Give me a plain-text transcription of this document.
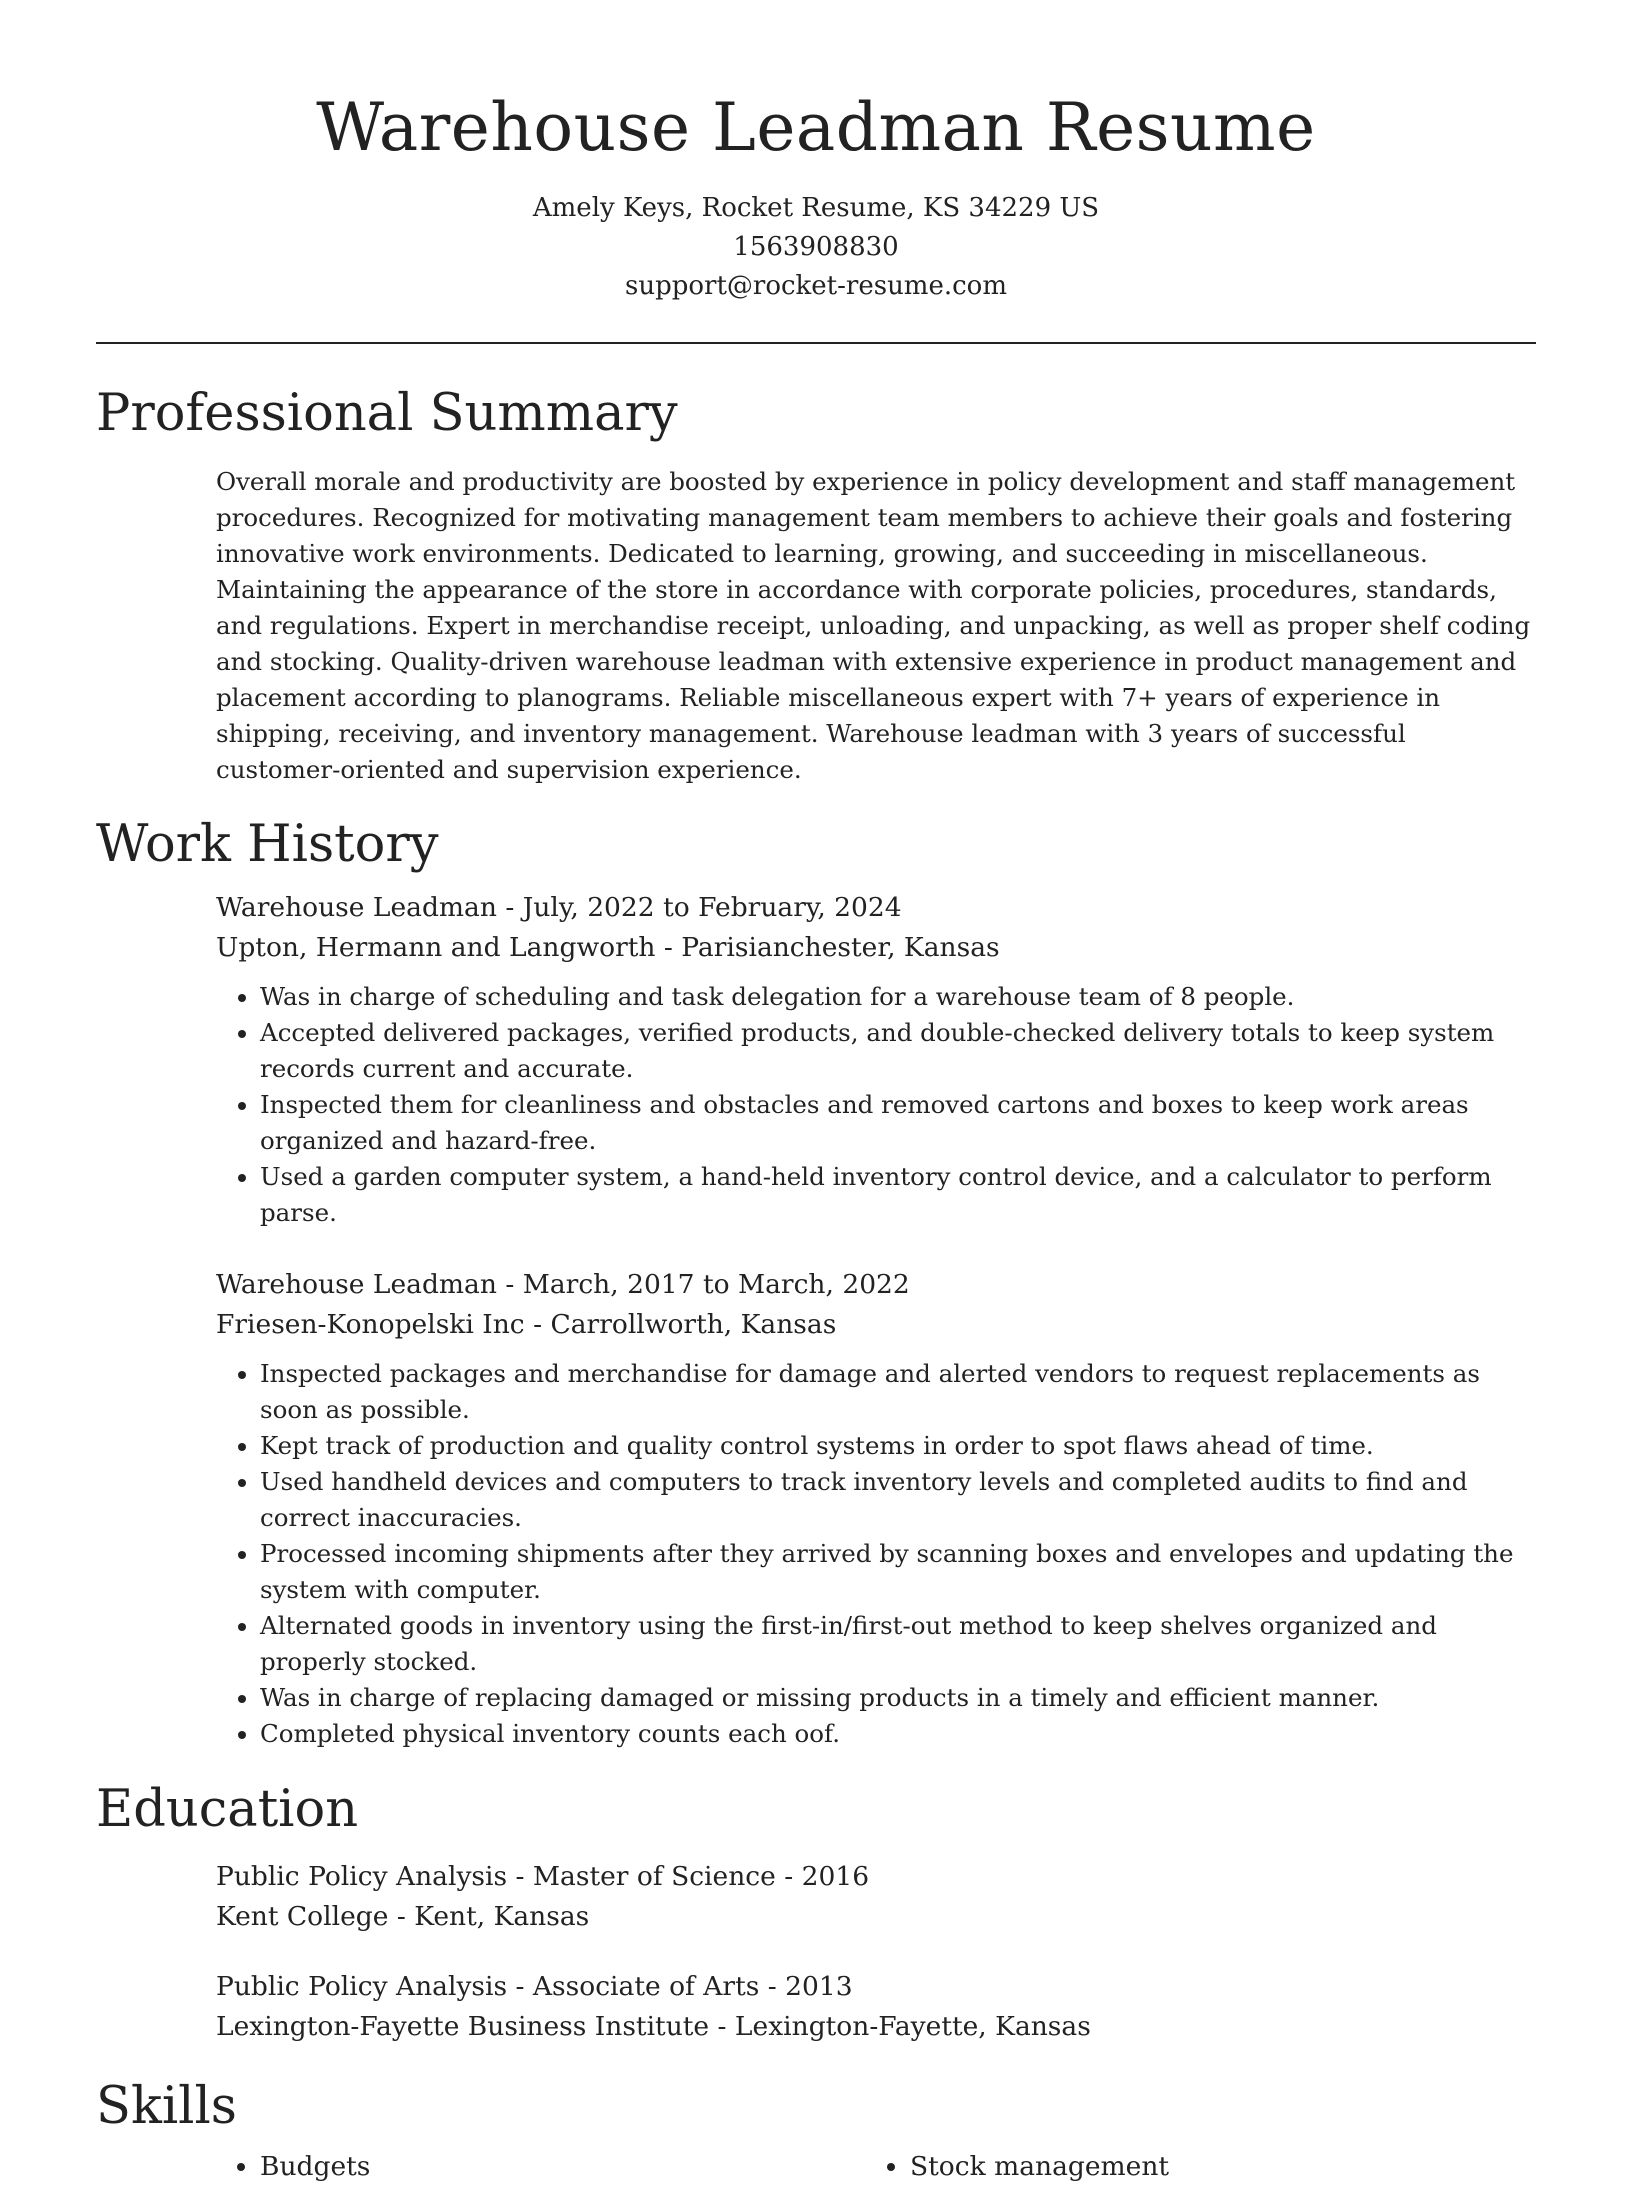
Warehouse Leadman Resume
Amely Keys, Rocket Resume, KS 34229 US
1563908830
support@rocket-resume.com
Professional Summary

Overall morale and productivity are boosted by experience in policy development and staff management procedures. Recognized for motivating management team members to achieve their goals and fostering innovative work environments. Dedicated to learning, growing, and succeeding in miscellaneous. Maintaining the appearance of the store in accordance with corporate policies, procedures, standards, and regulations. Expert in merchandise receipt, unloading, and unpacking, as well as proper shelf coding and stocking. Quality-driven warehouse leadman with extensive experience in product management and placement according to planograms. Reliable miscellaneous expert with 7+ years of experience in shipping, receiving, and inventory management. Warehouse leadman with 3 years of successful customer-oriented and supervision experience.

Work History
Warehouse Leadman - July, 2022 to February, 2024
Upton, Hermann and Langworth - Parisianchester, Kansas
• Was in charge of scheduling and task delegation for a warehouse team of 8 people.
• Accepted delivered packages, verified products, and double-checked delivery totals to keep system records current and accurate.
• Inspected them for cleanliness and obstacles and removed cartons and boxes to keep work areas organized and hazard-free.
• Used a garden computer system, a hand-held inventory control device, and a calculator to perform parse.
Warehouse Leadman - March, 2017 to March, 2022
Friesen-Konopelski Inc - Carrollworth, Kansas
• Inspected packages and merchandise for damage and alerted vendors to request replacements as soon as possible.
• Kept track of production and quality control systems in order to spot flaws ahead of time.
• Used handheld devices and computers to track inventory levels and completed audits to find and correct inaccuracies.
• Processed incoming shipments after they arrived by scanning boxes and envelopes and updating the system with computer.
• Alternated goods in inventory using the first-in/first-out method to keep shelves organized and properly stocked.
• Was in charge of replacing damaged or missing products in a timely and efficient manner.
• Completed physical inventory counts each oof.
Education
Public Policy Analysis - Master of Science - 2016
Kent College - Kent, Kansas
Public Policy Analysis - Associate of Arts - 2013
Lexington-Fayette Business Institute - Lexington-Fayette, Kansas
Skills
• Budgets
•	Stock management
